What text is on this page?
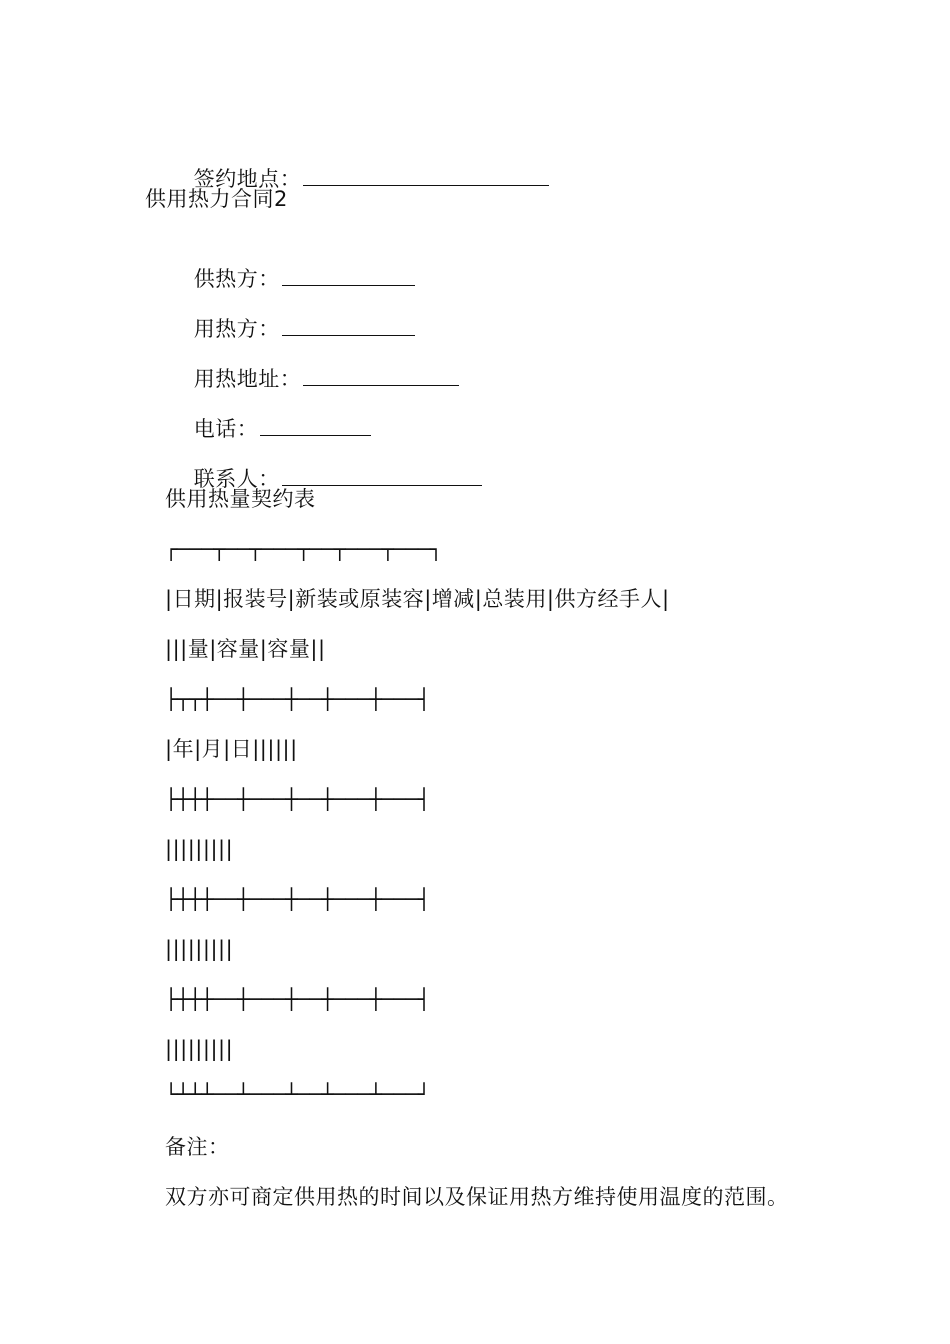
签约地点：

供用热力合同2

供热方：

用热方：

用热地址：

电话：

联系人：

供用热量契约表
┌───┬──┬───┬──┬───┬───┐
|日期|报装号|新装或原装容|增减|总装用|供方经手人|
|||量|容量|容量||
├┬┬┼──┼───┼──┼───┼───┤
|年|月|日||||||
├┼┼┼──┼───┼──┼───┼───┤
|||||||||
├┼┼┼──┼───┼──┼───┼───┤
|||||||||
├┼┼┼──┼───┼──┼───┼───┤
|||||||||
└┴┴┴──┴───┴──┴───┴───┘
备注：
双方亦可商定供用热的时间以及保证用热方维持使用温度的范围。
